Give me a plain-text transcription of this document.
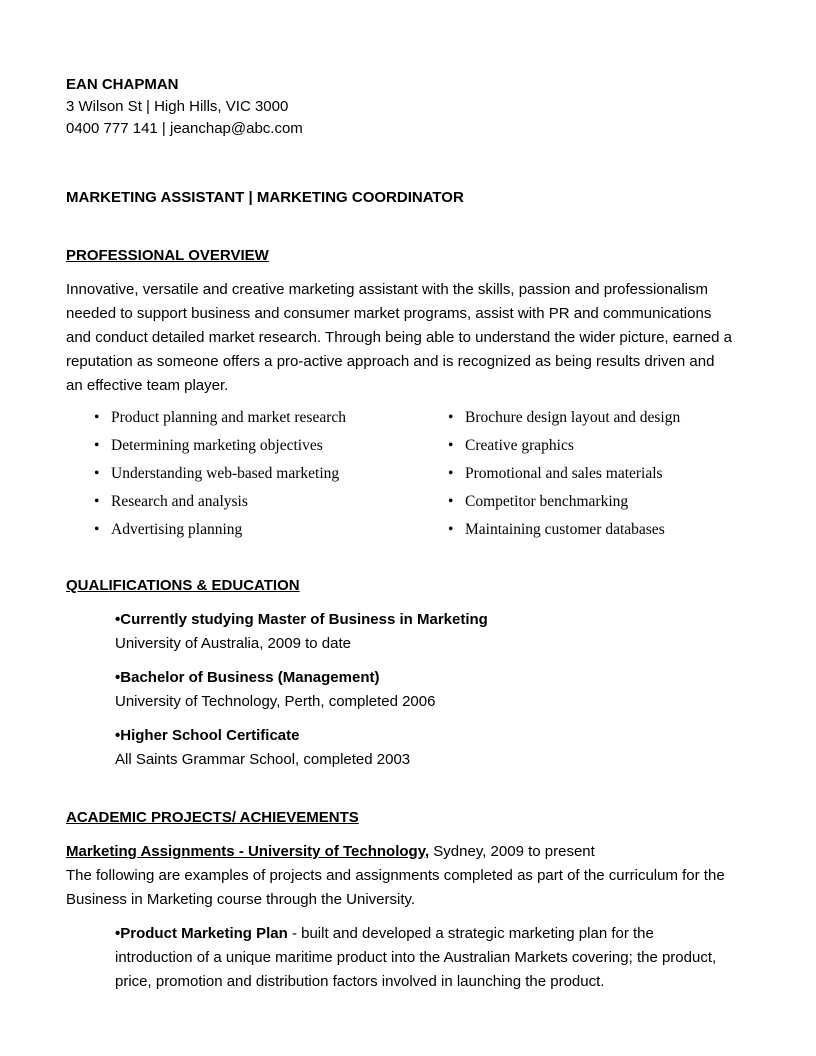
EAN CHAPMAN
3 Wilson St | High Hills, VIC 3000
0400 777 141 | jeanchap@abc.com
MARKETING ASSISTANT | MARKETING COORDINATOR
PROFESSIONAL OVERVIEW

Innovative, versatile and creative marketing assistant with the skills, passion and professionalism needed to support business and consumer market programs, assist with PR and communications and conduct detailed market research. Through being able to understand the wider picture, earned a reputation as someone offers a pro-active approach and is recognized as being results driven and an effective team player.

• Product planning and market research
• Determining marketing objectives
• Understanding web-based marketing
• Research and analysis
• Advertising planning
• Brochure design layout and design
• Creative graphics
• Promotional and sales materials
• Competitor benchmarking
• Maintaining customer databases
QUALIFICATIONS & EDUCATION
•Currently studying Master of Business in Marketing
University of Australia, 2009 to date
•Bachelor of Business (Management)
University of Technology, Perth, completed 2006
•Higher School Certificate
All Saints Grammar School, completed 2003
ACADEMIC PROJECTS/ ACHIEVEMENTS
Marketing Assignments - University of Technology, Sydney, 2009 to present

The following are examples of projects and assignments completed as part of the curriculum for the Business in Marketing course through the University.

•Product Marketing Plan - built and developed a strategic marketing plan for the introduction of a unique maritime product into the Australian Markets covering; the product, price, promotion and distribution factors involved in launching the product.
